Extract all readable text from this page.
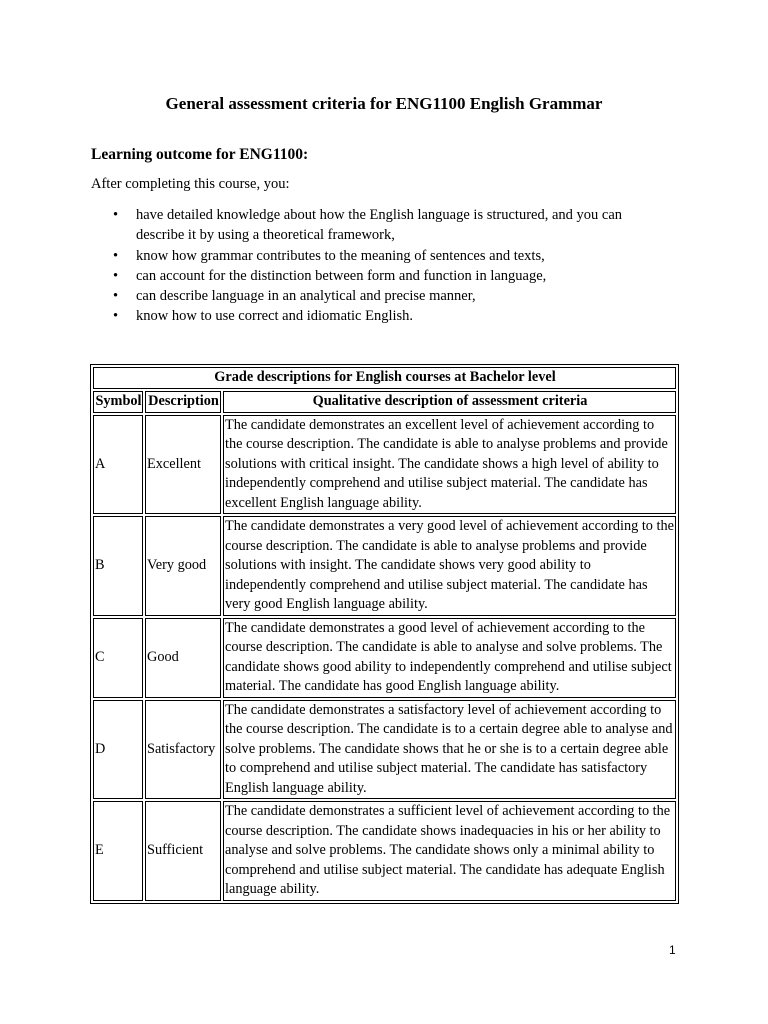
General assessment criteria for ENG1100 English Grammar
Learning outcome for ENG1100:
After completing this course, you:
• have detailed knowledge about how the English language is structured, and you can describe it by using a theoretical framework,
• know how grammar contributes to the meaning of sentences and texts,
• can account for the distinction between form and function in language,
• can describe language in an analytical and precise manner,
• know how to use correct and idiomatic English.
Grade descriptions for English courses at Bachelor level		
Symbol	Description	Qualitative description of assessment criteria
A	Excellent	The candidate demonstrates an excellent level of achievement according to the course description. The candidate is able to analyse problems and provide solutions with critical insight. The candidate shows a high level of ability to independently comprehend and utilise subject material. The candidate has excellent English language ability.
B	Very good	The candidate demonstrates a very good level of achievement according to the course description. The candidate is able to analyse problems and provide solutions with insight. The candidate shows very good ability to independently comprehend and utilise subject material. The candidate has very good English language ability.
C	Good	The candidate demonstrates a good level of achievement according to the course description. The candidate is able to analyse and solve problems. The candidate shows good ability to independently comprehend and utilise subject material. The candidate has good English language ability.
D	Satisfactory	The candidate demonstrates a satisfactory level of achievement according to the course description. The candidate is to a certain degree able to analyse and solve problems. The candidate shows that he or she is to a certain degree able to comprehend and utilise subject material. The candidate has satisfactory English language ability.
E	Sufficient	The candidate demonstrates a sufficient level of achievement according to the course description. The candidate shows inadequacies in his or her ability to analyse and solve problems. The candidate shows only a minimal ability to comprehend and utilise subject material. The candidate has adequate English language ability.
1
